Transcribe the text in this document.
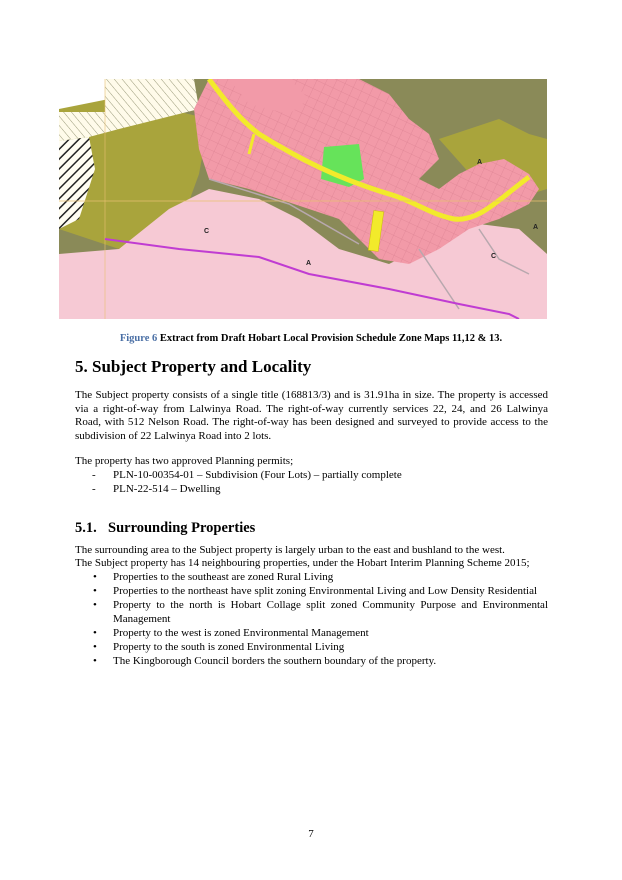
A
A
C
C
A
Figure 6 Extract from Draft Hobart Local Provision Schedule Zone Maps 11,12 & 13.
5. Subject Property and Locality

The Subject property consists of a single title (168813/3) and is 31.91ha in size. The property is accessed via a right-of-way from Lalwinya Road. The right-of-way currently services 22, 24, and 26 Lalwinya Road, with 512 Nelson Road. The right-of-way has been designed and surveyed to provide access to the subdivision of 22 Lalwinya Road into 2 lots.

The property has two approved Planning permits;

- PLN-10-00354-01 – Subdivision (Four Lots) – partially complete
- PLN-22-514 – Dwelling
5.1. Surrounding Properties

The surrounding area to the Subject property is largely urban to the east and bushland to the west.

The Subject property has 14 neighbouring properties, under the Hobart Interim Planning Scheme 2015;

• Properties to the southeast are zoned Rural Living
• Properties to the northeast have split zoning Environmental Living and Low Density Residential
• Property to the north is Hobart Collage split zoned Community Purpose and Environmental Management
• Property to the west is zoned Environmental Management
• Property to the south is zoned Environmental Living
• The Kingborough Council borders the southern boundary of the property.
7
